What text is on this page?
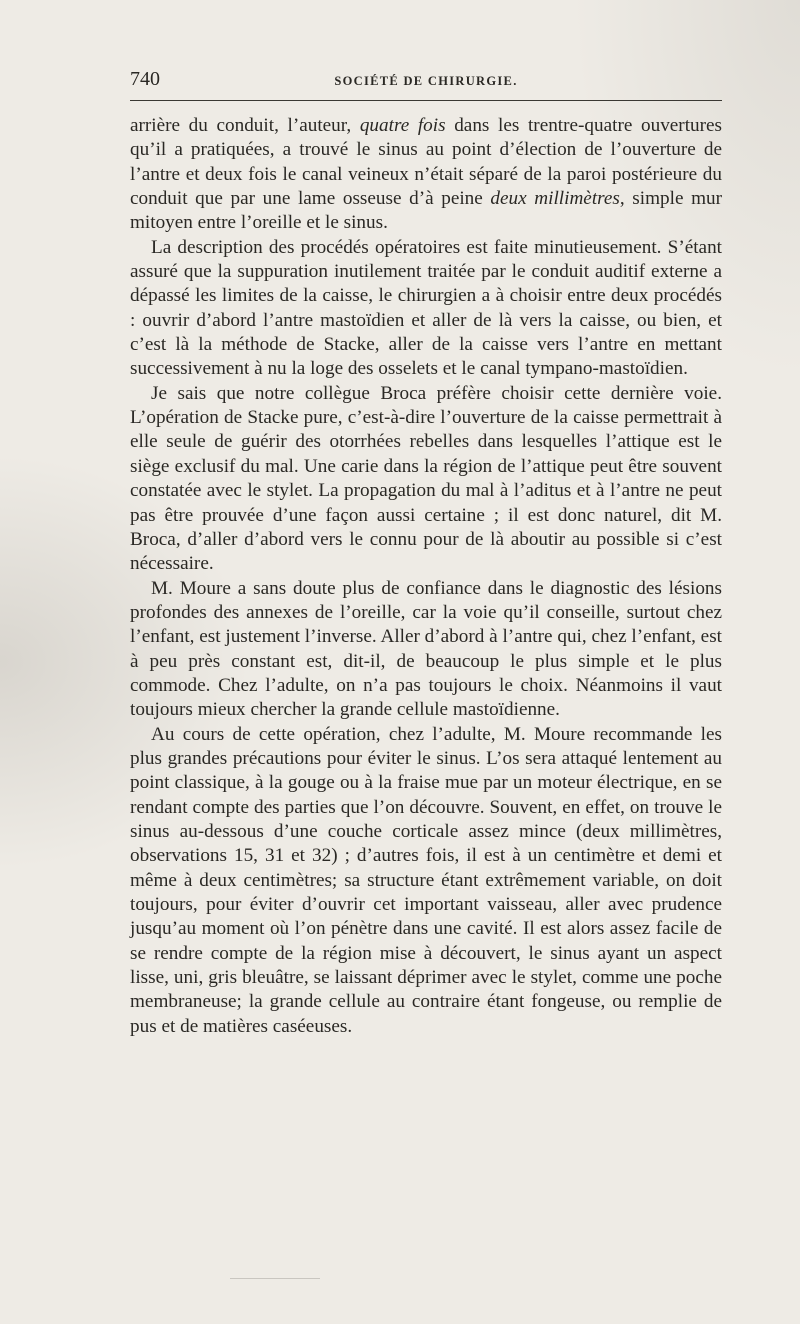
740	SOCIÉTÉ DE CHIRURGIE.

arrière du conduit, l’auteur, quatre fois dans les trentre-quatre ouvertures qu’il a pratiquées, a trouvé le sinus au point d’élection de l’ouverture de l’antre et deux fois le canal veineux n’était séparé de la paroi postérieure du conduit que par une lame osseuse d’à peine deux millimètres, simple mur mitoyen entre l’oreille et le sinus.

La description des procédés opératoires est faite minutieusement. S’étant assuré que la suppuration inutilement traitée par le conduit auditif externe a dépassé les limites de la caisse, le chirurgien a à choisir entre deux procédés : ouvrir d’abord l’antre mastoïdien et aller de là vers la caisse, ou bien, et c’est là la méthode de Stacke, aller de la caisse vers l’antre en mettant successivement à nu la loge des osselets et le canal tympano-mastoïdien.

Je sais que notre collègue Broca préfère choisir cette dernière voie. L’opération de Stacke pure, c’est-à-dire l’ouverture de la caisse permettrait à elle seule de guérir des otorrhées rebelles dans lesquelles l’attique est le siège exclusif du mal. Une carie dans la région de l’attique peut être souvent constatée avec le stylet. La propagation du mal à l’aditus et à l’antre ne peut pas être prouvée d’une façon aussi certaine ; il est donc naturel, dit M. Broca, d’aller d’abord vers le connu pour de là aboutir au possible si c’est nécessaire.

M. Moure a sans doute plus de confiance dans le diagnostic des lésions profondes des annexes de l’oreille, car la voie qu’il conseille, surtout chez l’enfant, est justement l’inverse. Aller d’abord à l’antre qui, chez l’enfant, est à peu près constant est, dit-il, de beaucoup le plus simple et le plus commode. Chez l’adulte, on n’a pas toujours le choix. Néanmoins il vaut toujours mieux chercher la grande cellule mastoïdienne.

Au cours de cette opération, chez l’adulte, M. Moure recommande les plus grandes précautions pour éviter le sinus. L’os sera attaqué lentement au point classique, à la gouge ou à la fraise mue par un moteur électrique, en se rendant compte des parties que l’on découvre. Souvent, en effet, on trouve le sinus au-dessous d’une couche corticale assez mince (deux millimètres, observations 15, 31 et 32) ; d’autres fois, il est à un centimètre et demi et même à deux centimètres; sa structure étant extrêmement variable, on doit toujours, pour éviter d’ouvrir cet important vaisseau, aller avec prudence jusqu’au moment où l’on pénètre dans une cavité. Il est alors assez facile de se rendre compte de la région mise à découvert, le sinus ayant un aspect lisse, uni, gris bleuâtre, se laissant déprimer avec le stylet, comme une poche membraneuse; la grande cellule au contraire étant fongeuse, ou remplie de pus et de matières caséeuses.
